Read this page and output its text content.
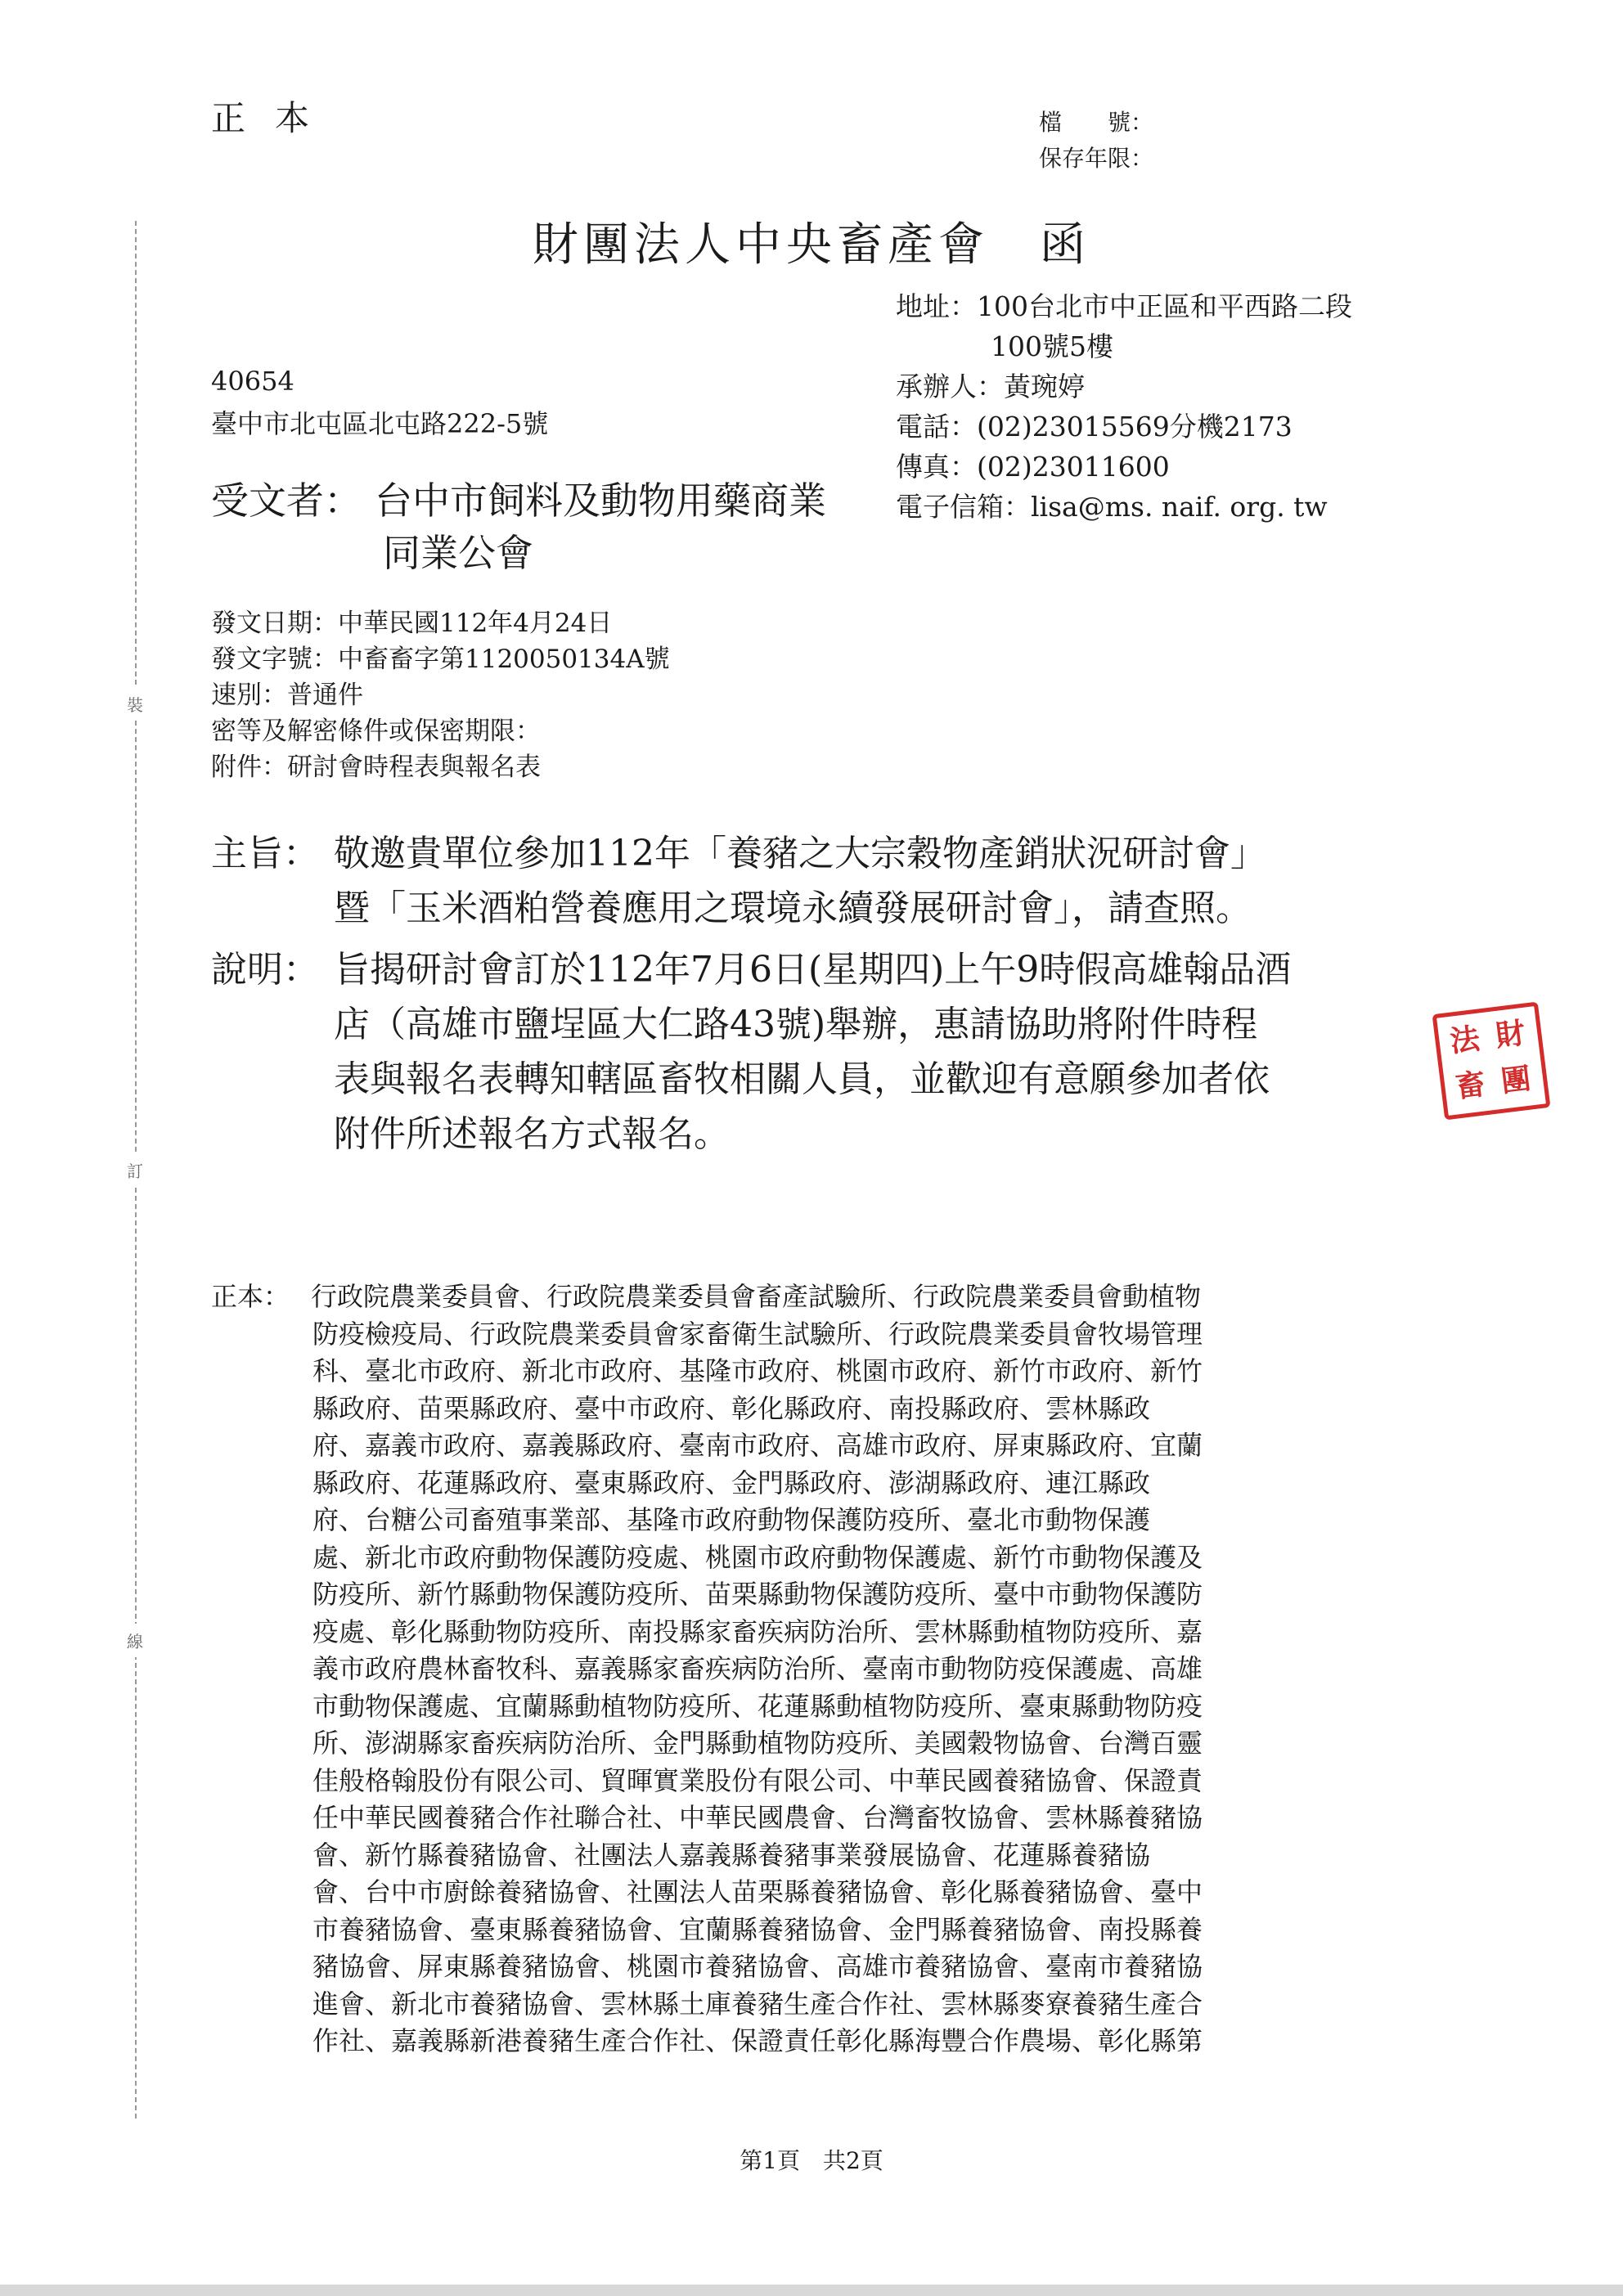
裝
訂
線
正本	檔　　號：
保存年限：
財團法人中央畜產會　函
40654
臺中市北屯區北屯路222-5號
地址：100台北市中正區和平西路二段
100號5樓
承辦人：黃琬婷
電話：(02)23015569分機2173
傳真：(02)23011600
電子信箱：lisa@ms. naif. org. tw
受文者： 台中市飼料及動物用藥商業
同業公會
發文日期：中華民國112年4月24日
發文字號：中畜畜字第1120050134A號
速別：普通件
密等及解密條件或保密期限：
附件：研討會時程表與報名表
主旨： 敬邀貴單位參加112年「養豬之大宗穀物產銷狀況研討會」
暨「玉米酒粕營養應用之環境永續發展研討會」，請查照。
說明： 旨揭研討會訂於112年7月6日(星期四)上午9時假高雄翰品酒
店（高雄市鹽埕區大仁路43號)舉辦，惠請協助將附件時程
表與報名表轉知轄區畜牧相關人員，並歡迎有意願參加者依
附件所述報名方式報名。
財
團
法
畜
正本： 行政院農業委員會、行政院農業委員會畜產試驗所、行政院農業委員會動植物
防疫檢疫局、行政院農業委員會家畜衛生試驗所、行政院農業委員會牧場管理
科、臺北市政府、新北市政府、基隆市政府、桃園市政府、新竹市政府、新竹
縣政府、苗栗縣政府、臺中市政府、彰化縣政府、南投縣政府、雲林縣政
府、嘉義市政府、嘉義縣政府、臺南市政府、高雄市政府、屏東縣政府、宜蘭
縣政府、花蓮縣政府、臺東縣政府、金門縣政府、澎湖縣政府、連江縣政
府、台糖公司畜殖事業部、基隆市政府動物保護防疫所、臺北市動物保護
處、新北市政府動物保護防疫處、桃園市政府動物保護處、新竹市動物保護及
防疫所、新竹縣動物保護防疫所、苗栗縣動物保護防疫所、臺中市動物保護防
疫處、彰化縣動物防疫所、南投縣家畜疾病防治所、雲林縣動植物防疫所、嘉
義市政府農林畜牧科、嘉義縣家畜疾病防治所、臺南市動物防疫保護處、高雄
市動物保護處、宜蘭縣動植物防疫所、花蓮縣動植物防疫所、臺東縣動物防疫
所、澎湖縣家畜疾病防治所、金門縣動植物防疫所、美國穀物協會、台灣百靈
佳般格翰股份有限公司、貿暉實業股份有限公司、中華民國養豬協會、保證責
任中華民國養豬合作社聯合社、中華民國農會、台灣畜牧協會、雲林縣養豬協
會、新竹縣養豬協會、社團法人嘉義縣養豬事業發展協會、花蓮縣養豬協
會、台中市廚餘養豬協會、社團法人苗栗縣養豬協會、彰化縣養豬協會、臺中
市養豬協會、臺東縣養豬協會、宜蘭縣養豬協會、金門縣養豬協會、南投縣養
豬協會、屏東縣養豬協會、桃園市養豬協會、高雄市養豬協會、臺南市養豬協
進會、新北市養豬協會、雲林縣土庫養豬生產合作社、雲林縣麥寮養豬生產合
作社、嘉義縣新港養豬生產合作社、保證責任彰化縣海豐合作農場、彰化縣第
第1頁　共2頁
